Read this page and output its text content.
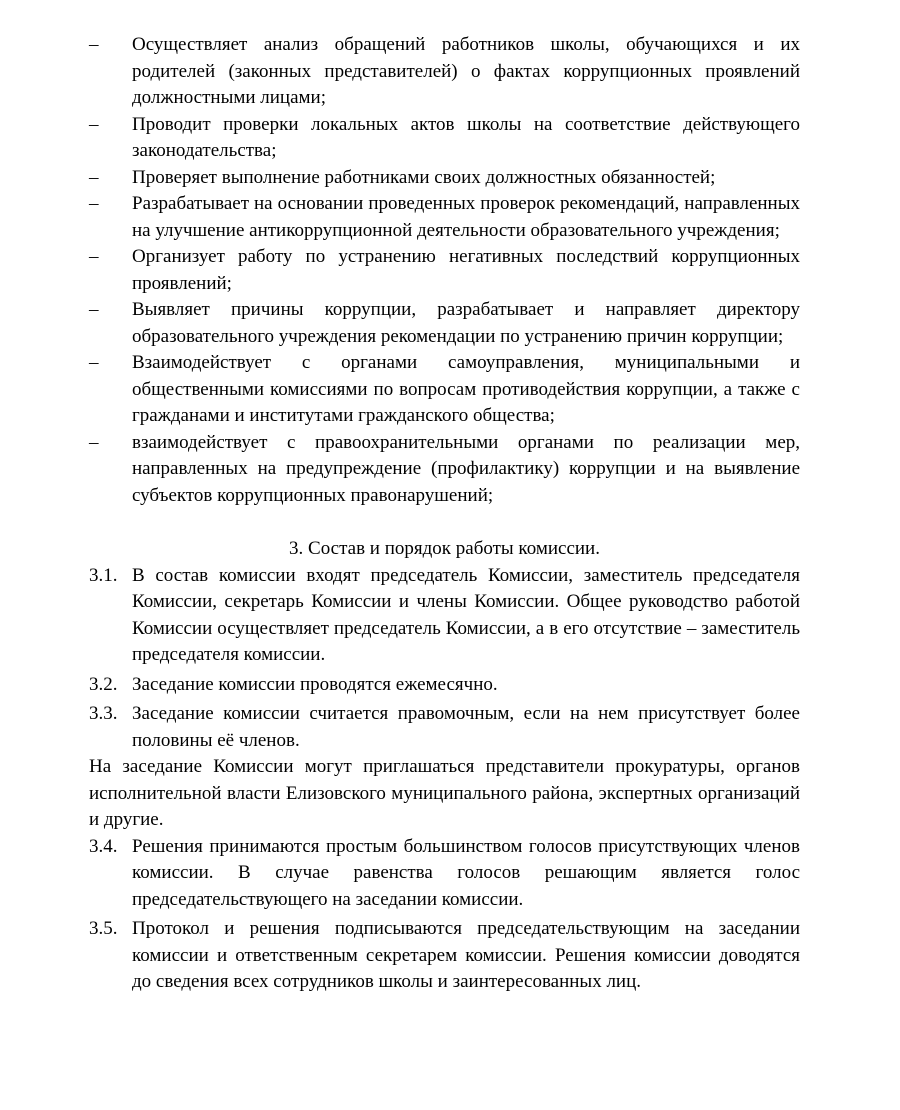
– Осуществляет анализ обращений работников школы, обучающихся и их родителей (законных представителей) о фактах коррупционных проявлений должностными лицами;
– Проводит проверки локальных актов школы на соответствие действующего законодательства;
– Проверяет выполнение работниками своих должностных обязанностей;
– Разрабатывает на основании проведенных проверок рекомендаций, направленных на улучшение антикоррупционной деятельности образовательного учреждения;
– Организует работу по устранению негативных последствий коррупционных проявлений;
– Выявляет причины коррупции, разрабатывает и направляет директору образовательного учреждения рекомендации по устранению причин коррупции;
– Взаимодействует с органами самоуправления, муниципальными и общественными комиссиями по вопросам противодействия коррупции, а также с гражданами и институтами гражданского общества;
– взаимодействует с правоохранительными органами по реализации мер, направленных на предупреждение (профилактику) коррупции и на выявление субъектов коррупционных правонарушений;
3. Состав и порядок работы комиссии.
3.1. В состав комиссии входят председатель Комиссии, заместитель председателя Комиссии, секретарь Комиссии и члены Комиссии. Общее руководство работой Комиссии осуществляет председатель Комиссии, а в его отсутствие – заместитель председателя комиссии.
3.2. Заседание комиссии проводятся ежемесячно.
3.3. Заседание комиссии считается правомочным, если на нем присутствует более половины её членов.
На заседание Комиссии могут приглашаться представители прокуратуры, органов исполнительной власти Елизовского муниципального района, экспертных организаций и другие.
3.4. Решения принимаются простым большинством голосов присутствующих членов комиссии. В случае равенства голосов решающим является голос председательствующего на заседании комиссии.
3.5. Протокол и решения подписываются председательствующим на заседании комиссии и ответственным секретарем комиссии. Решения комиссии доводятся до сведения всех сотрудников школы и заинтересованных лиц.
